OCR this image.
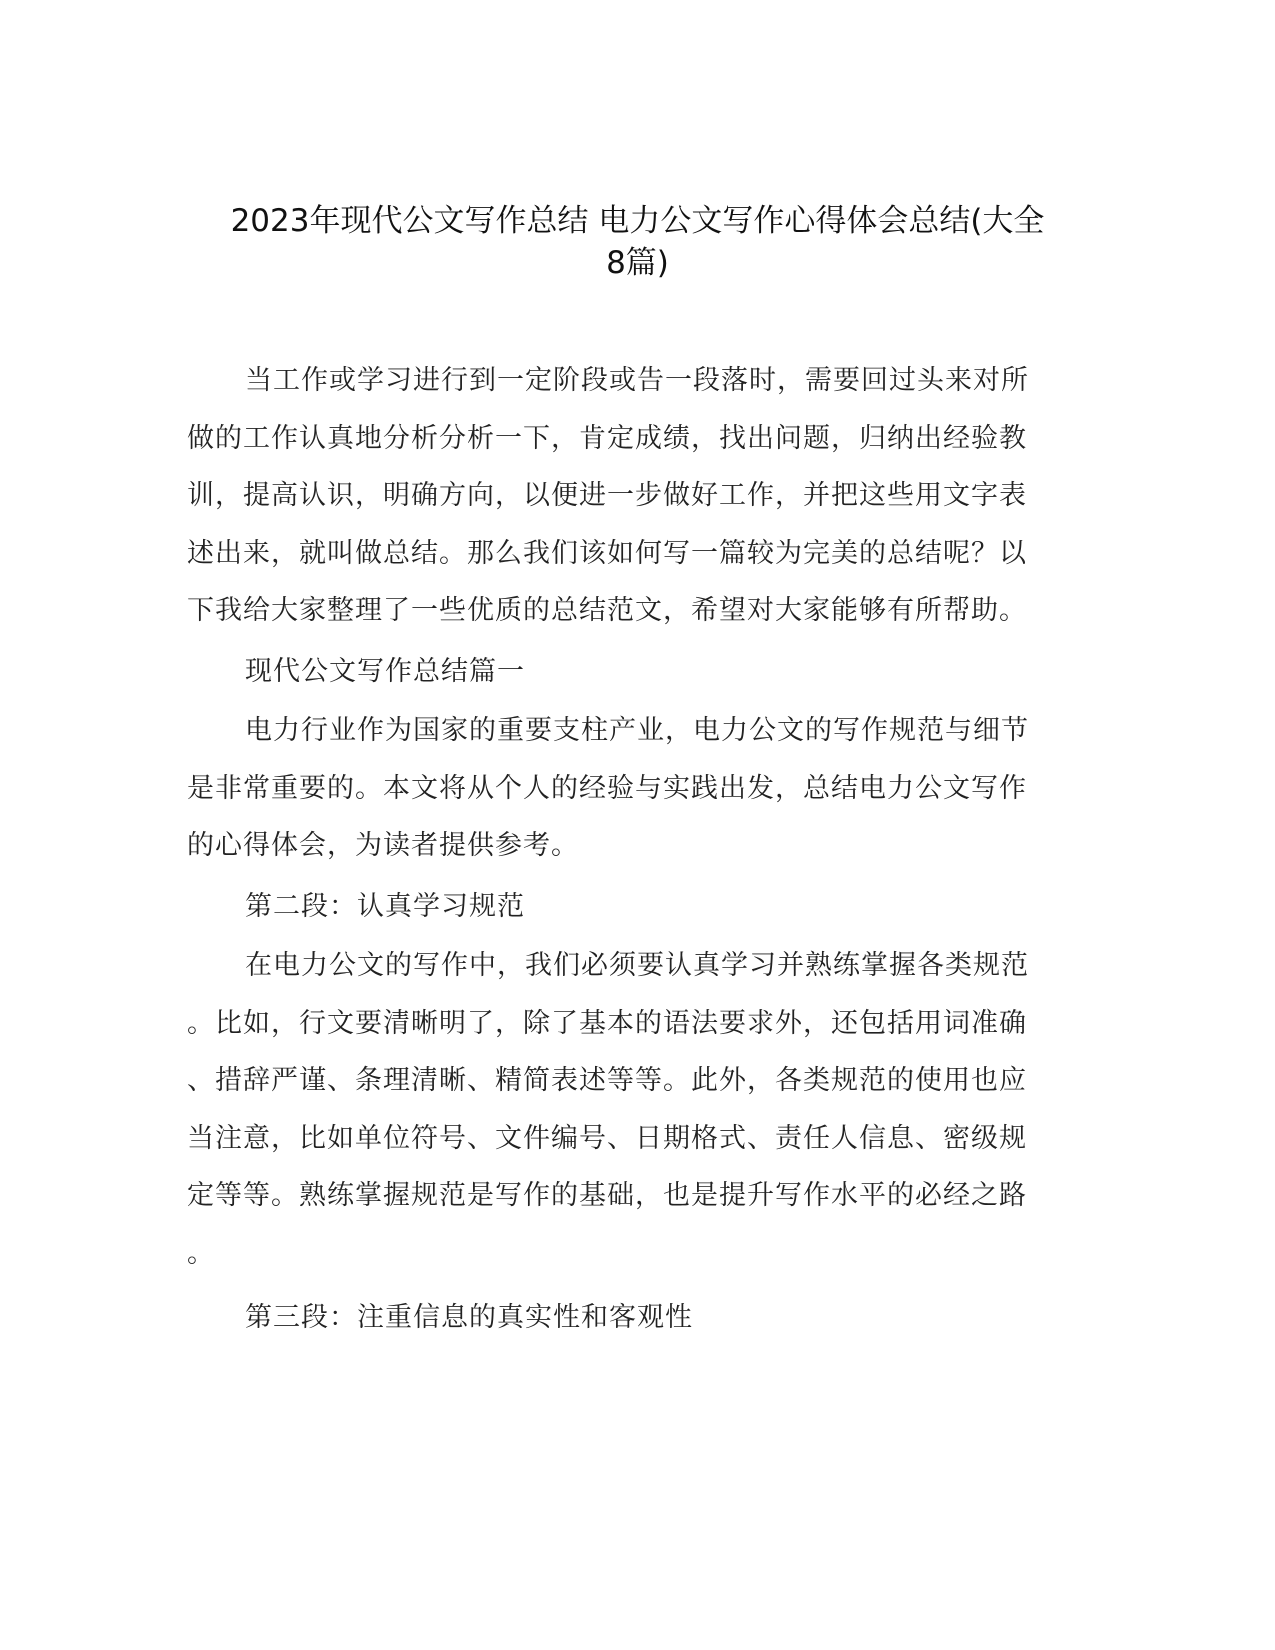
2023年现代公文写作总结 电力公文写作心得体会总结(大全
8篇)
当工作或学习进行到一定阶段或告一段落时，需要回过头来对所
做的工作认真地分析分析一下，肯定成绩，找出问题，归纳出经验教
训，提高认识，明确方向，以便进一步做好工作，并把这些用文字表
述出来，就叫做总结。那么我们该如何写一篇较为完美的总结呢？以
下我给大家整理了一些优质的总结范文，希望对大家能够有所帮助。
现代公文写作总结篇一
电力行业作为国家的重要支柱产业，电力公文的写作规范与细节
是非常重要的。本文将从个人的经验与实践出发，总结电力公文写作
的心得体会，为读者提供参考。
第二段：认真学习规范
在电力公文的写作中，我们必须要认真学习并熟练掌握各类规范
。比如，行文要清晰明了，除了基本的语法要求外，还包括用词准确
、措辞严谨、条理清晰、精简表述等等。此外，各类规范的使用也应
当注意，比如单位符号、文件编号、日期格式、责任人信息、密级规
定等等。熟练掌握规范是写作的基础，也是提升写作水平的必经之路
。
第三段：注重信息的真实性和客观性
